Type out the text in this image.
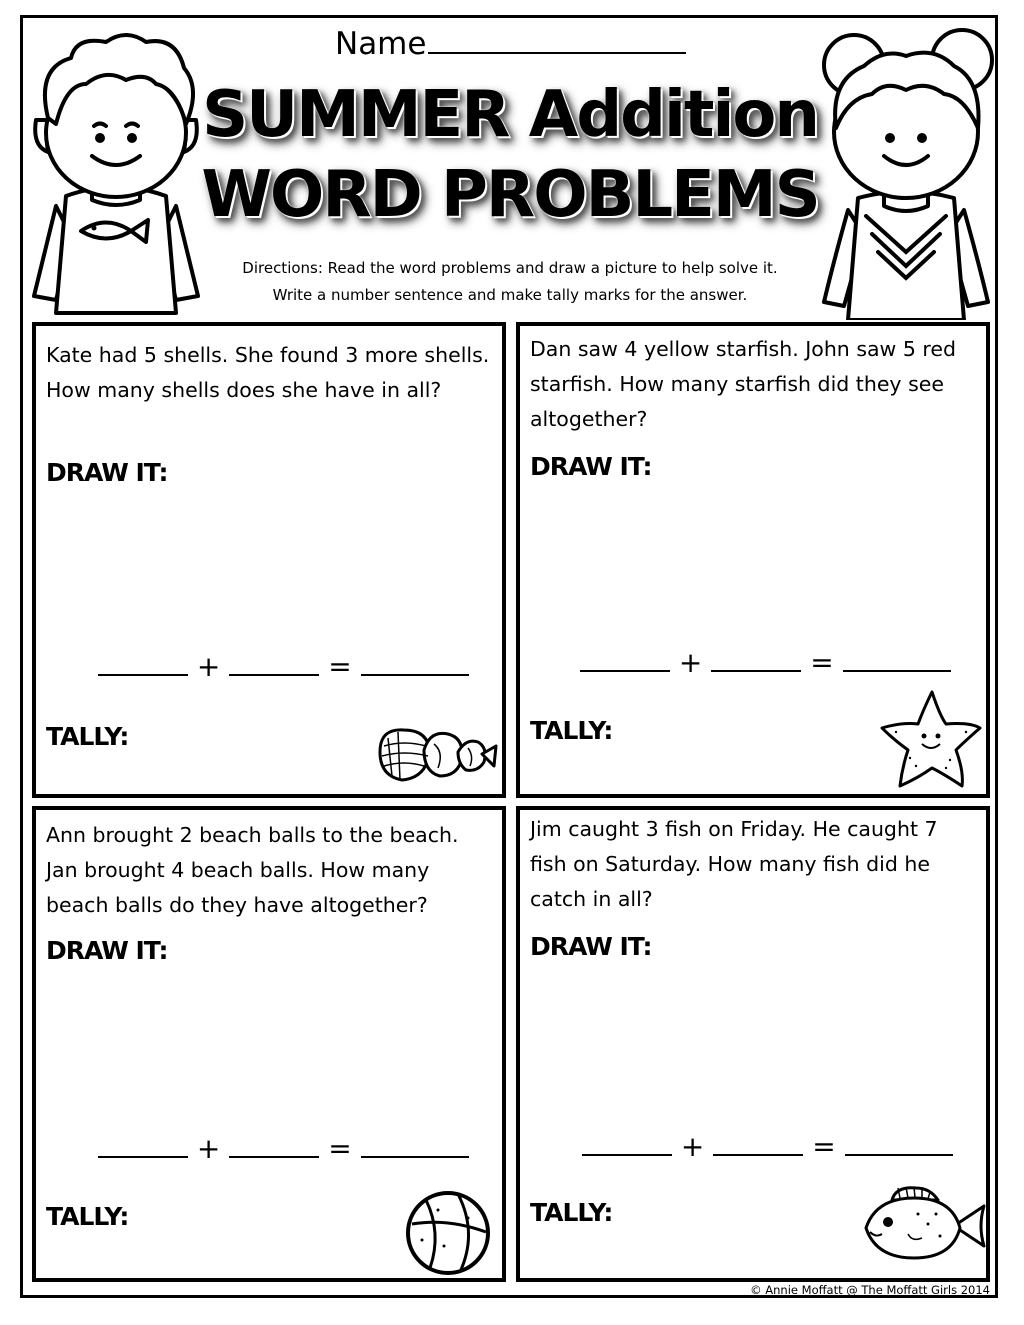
Name
SUMMER Addition
WORD PROBLEMS
Directions: Read the word problems and draw a picture to help solve it.
Write a number sentence and make tally marks for the answer.
Kate had 5 shells. She found 3 more shells. How many shells does she have in all?
DRAW IT:
+	=
TALLY:
Dan saw 4 yellow starfish. John saw 5 red starfish. How many starfish did they see altogether?
DRAW IT:
+	=
TALLY:
Ann brought 2 beach balls to the beach. Jan brought 4 beach balls. How many beach balls do they have altogether?
DRAW IT:
+	=
TALLY:
Jim caught 3 fish on Friday. He caught 7 fish on Saturday. How many fish did he catch in all?
DRAW IT:
+	=
TALLY:
© Annie Moffatt @ The Moffatt Girls 2014
